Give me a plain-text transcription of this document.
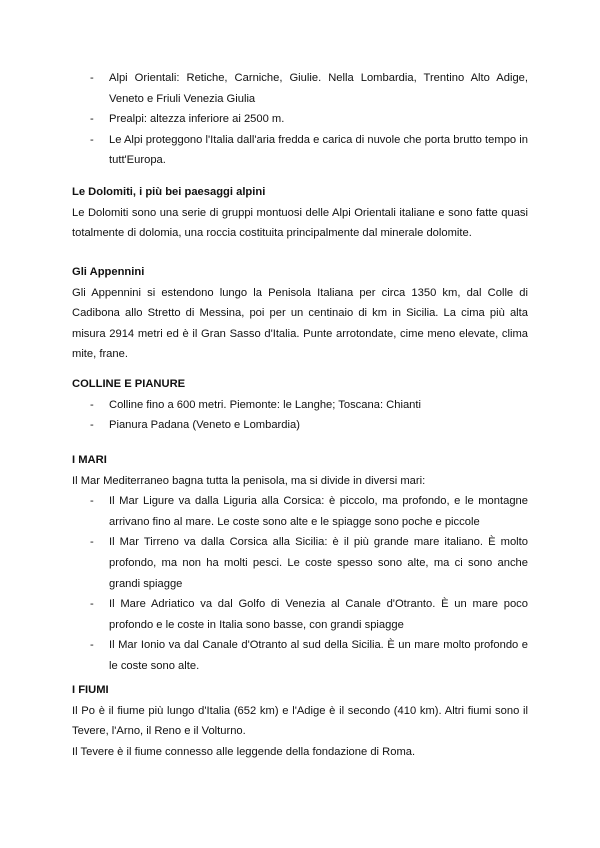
- Alpi Orientali: Retiche, Carniche, Giulie. Nella Lombardia, Trentino Alto Adige, Veneto e Friuli Venezia Giulia
- Prealpi: altezza inferiore ai 2500 m.
- Le Alpi proteggono l'Italia dall'aria fredda e carica di nuvole che porta brutto tempo in tutt'Europa.

Le Dolomiti, i più bei paesaggi alpini

Le Dolomiti sono una serie di gruppi montuosi delle Alpi Orientali italiane e sono fatte quasi totalmente di dolomia, una roccia costituita principalmente dal minerale dolomite.

Gli Appennini

Gli Appennini si estendono lungo la Penisola Italiana per circa 1350 km, dal Colle di Cadibona allo Stretto di Messina, poi per un centinaio di km in Sicilia. La cima più alta misura 2914 metri ed è il Gran Sasso d'Italia. Punte arrotondate, cime meno elevate, clima mite, frane.

COLLINE E PIANURE

- Colline fino a 600 metri. Piemonte: le Langhe; Toscana: Chianti
- Pianura Padana (Veneto e Lombardia)

I MARI

Il Mar Mediterraneo bagna tutta la penisola, ma si divide in diversi mari:

- Il Mar Ligure va dalla Liguria alla Corsica: è piccolo, ma profondo, e le montagne arrivano fino al mare. Le coste sono alte e le spiagge sono poche e piccole
- Il Mar Tirreno va dalla Corsica alla Sicilia: è il più grande mare italiano. È molto profondo, ma non ha molti pesci. Le coste spesso sono alte, ma ci sono anche grandi spiagge
- Il Mare Adriatico va dal Golfo di Venezia al Canale d'Otranto. È un mare poco profondo e le coste in Italia sono basse, con grandi spiagge
- Il Mar Ionio va dal Canale d'Otranto al sud della Sicilia. È un mare molto profondo e le coste sono alte.

I FIUMI

Il Po è il fiume più lungo d'Italia (652 km) e l'Adige è il secondo (410 km). Altri fiumi sono il Tevere, l'Arno, il Reno e il Volturno.

Il Tevere è il fiume connesso alle leggende della fondazione di Roma.
